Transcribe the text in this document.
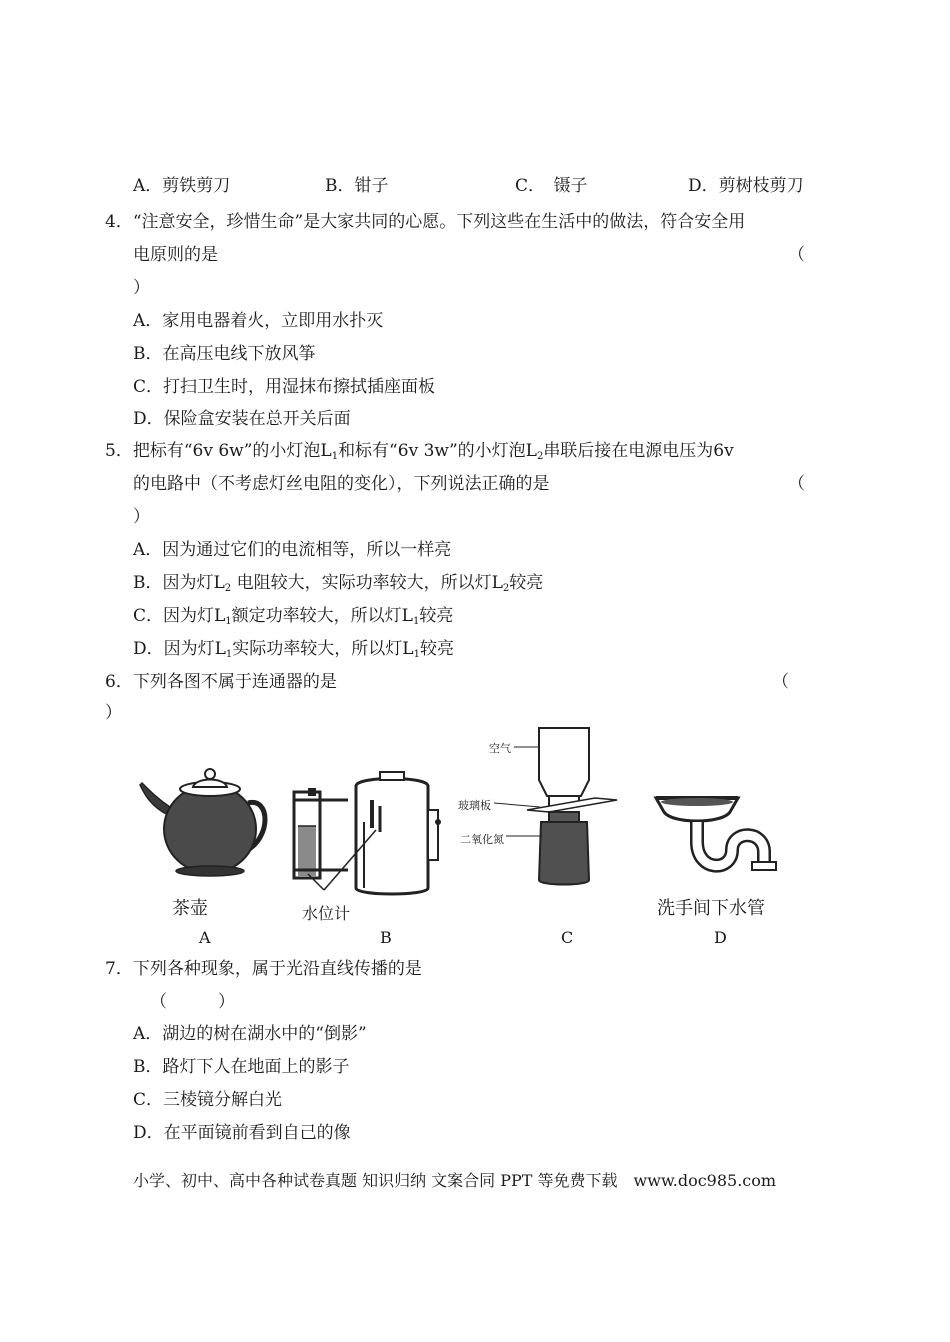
A．剪铁剪刀	B．钳子	C．　镊子	D．剪树枝剪刀
4．“注意安全，珍惜生命”是大家共同的心愿。下列这些在生活中的做法，符合安全用
电原则的是	（
）
A．家用电器着火，立即用水扑灭
B．在高压电线下放风筝
C．打扫卫生时，用湿抹布擦拭插座面板
D．保险盒安装在总开关后面
5．把标有“6v 6w”的小灯泡$L_1$和标有“6v 3w”的小灯泡$L_2$串联后接在电源电压为6v
的电路中（不考虑灯丝电阻的变化），下列说法正确的是	（
）
A．因为通过它们的电流相等，所以一样亮
B．因为灯$L_2$ 电阻较大，实际功率较大，所以灯$L_2$较亮
C．因为灯$L_1$额定功率较大，所以灯$L_1$较亮
D．因为灯$L_1$实际功率较大，所以灯$L_1$较亮
6．下列各图不属于连通器的是	（
）
茶壶	水位计
空气
玻璃板
二氧化氮
洗手间下水管
A	B	C	D
7．下列各种现象，属于光沿直线传播的是
（　　　）
A．湖边的树在湖水中的“倒影”
B．路灯下人在地面上的影子
C．三棱镜分解白光
D．在平面镜前看到自己的像
小学、初中、高中各种试卷真题 知识归纳 文案合同 PPT 等免费下载　www.doc985.com
